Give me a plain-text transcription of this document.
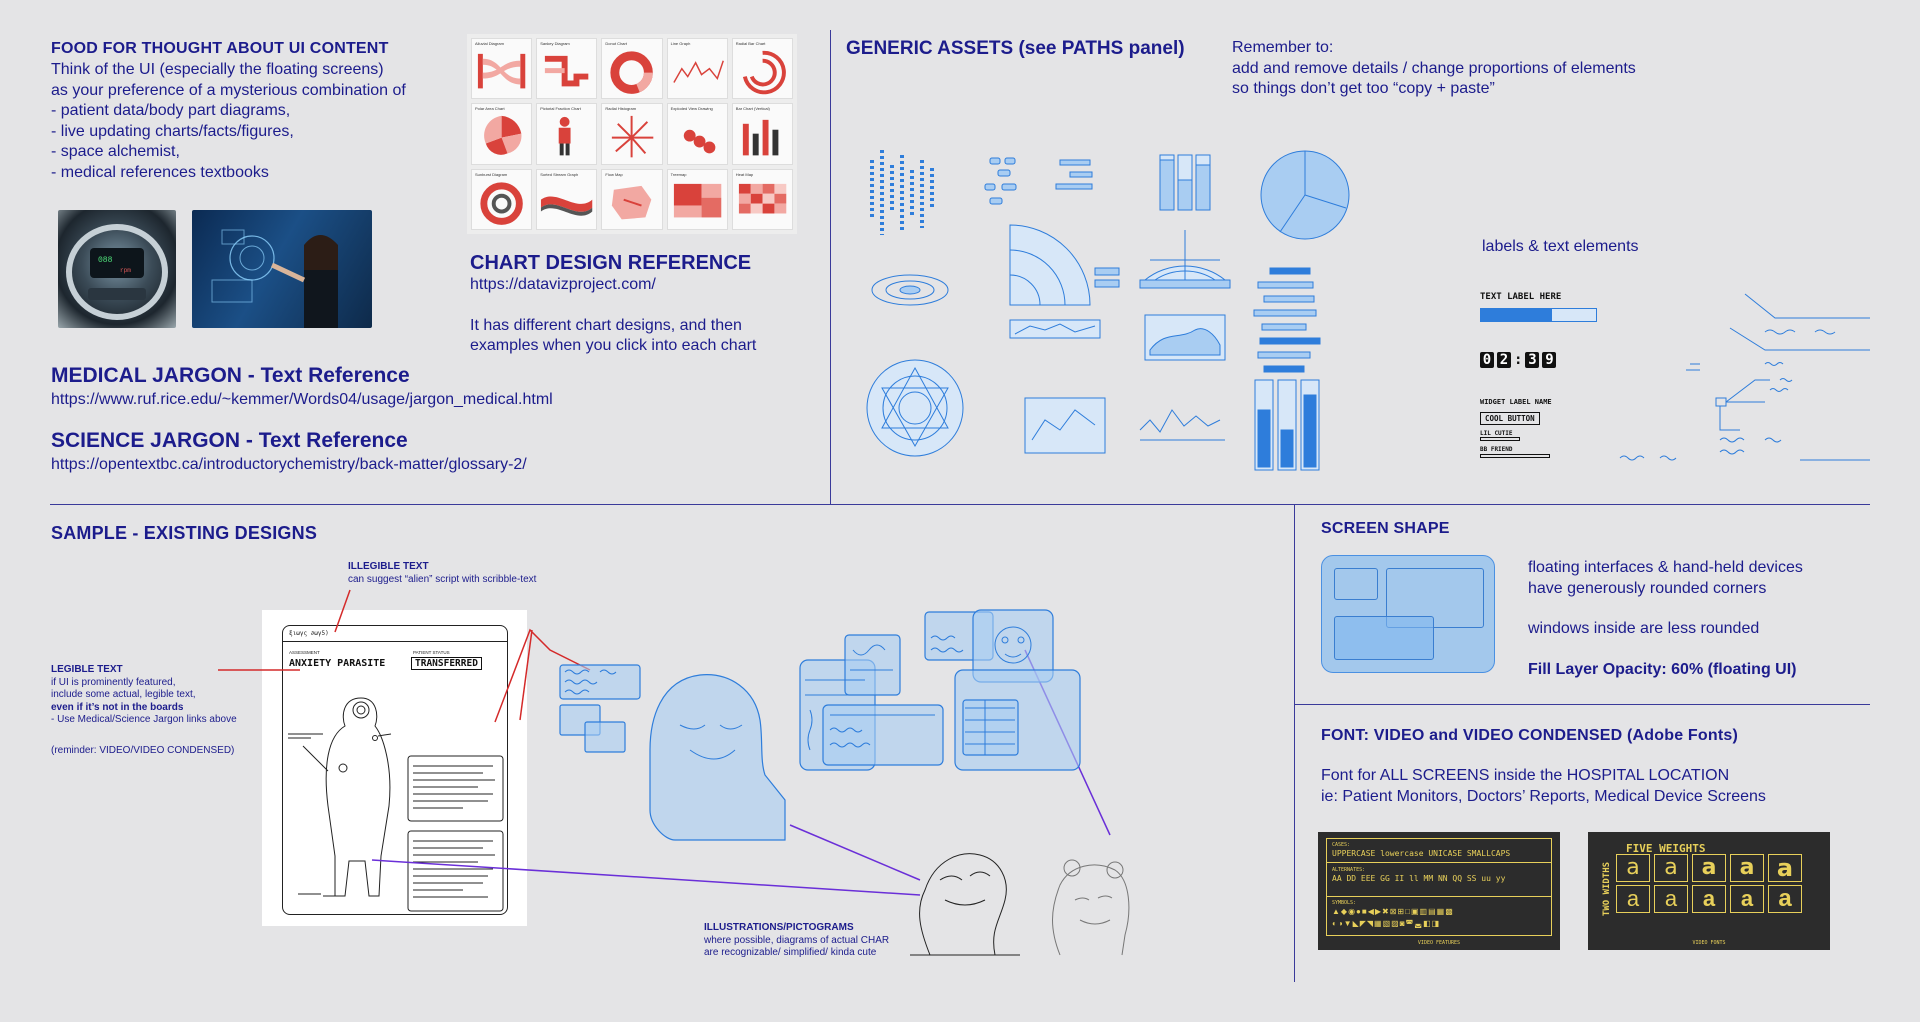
FOOD FOR THOUGHT ABOUT UI CONTENT
Think of the UI (especially the floating screens)
as your preference of a mysterious combination of
- patient data/body part diagrams,
- live updating charts/facts/figures,
- space alchemist,
- medical references textbooks
088
rpm
Alluvial Diagram	Sankey Diagram	Donut Chart	Line Graph	Radial Bar Chart
Polar Area Chart	Pictorial Fraction Chart	Radial Histogram	Exploded View Drawing	Bar Chart (Vertical)
Sunburst Diagram	Sorted Stream Graph	Flow Map	Treemap	Heat Map
CHART DESIGN REFERENCE
https://datavizproject.com/
It has different chart designs, and then
examples when you click into each chart
MEDICAL JARGON - Text Reference
https://www.ruf.rice.edu/~kemmer/Words04/usage/jargon_medical.html
SCIENCE JARGON - Text Reference
https://opentextbc.ca/introductorychemistry/back-matter/glossary-2/
GENERIC ASSETS (see PATHS panel)	Remember to:
add and remove details / change proportions of elements
so things don’t get too “copy + paste”
labels & text elements
TEXT LABEL HERE
0 2 : 3 9
WIDGET LABEL NAME
COOL BUTTON
LIL CUTIE
BB FRIEND
SAMPLE - EXISTING DESIGNS
ILLEGIBLE TEXT
can suggest “alien” script with scribble-text
LEGIBLE TEXT
if UI is prominently featured,
include some actual, legible text,
even if it’s not in the boards
- Use Medical/Science Jargon links above
(reminder: VIDEO/VIDEO CONDENSED)
ξιωγς ∂ωγ5)
ASSESSMENT
ANXIETY PARASITE
PATIENT STATUS
TRANSFERRED
ILLUSTRATIONS/PICTOGRAMS
where possible, diagrams of actual CHAR
are recognizable/ simplified/ kinda cute
SCREEN SHAPE
floating interfaces & hand-held devices
have generously rounded corners
windows inside are less rounded
Fill Layer Opacity: 60% (floating UI)
FONT: VIDEO and VIDEO CONDENSED (Adobe Fonts)
Font for ALL SCREENS inside the HOSPITAL LOCATION
ie: Patient Monitors, Doctors’ Reports, Medical Device Screens
CASES:
UPPERCASE lowercase UNICASE SMALLCAPS
ALTERNATES:
AA DD EEE GG II ll MM NN QQ SS uu yy
SYMBOLS:
▲◆◉●■◀▶✖⊠⊞□▣▥▤▦▩
◐◑▼◣◤◥▦▧▨◙◚◛◧◨
VIDEO FEATURES
FIVE WEIGHTS
TWO WIDTHS a	a	a	a a
a	a	a	a	a
VIDEO FONTS
